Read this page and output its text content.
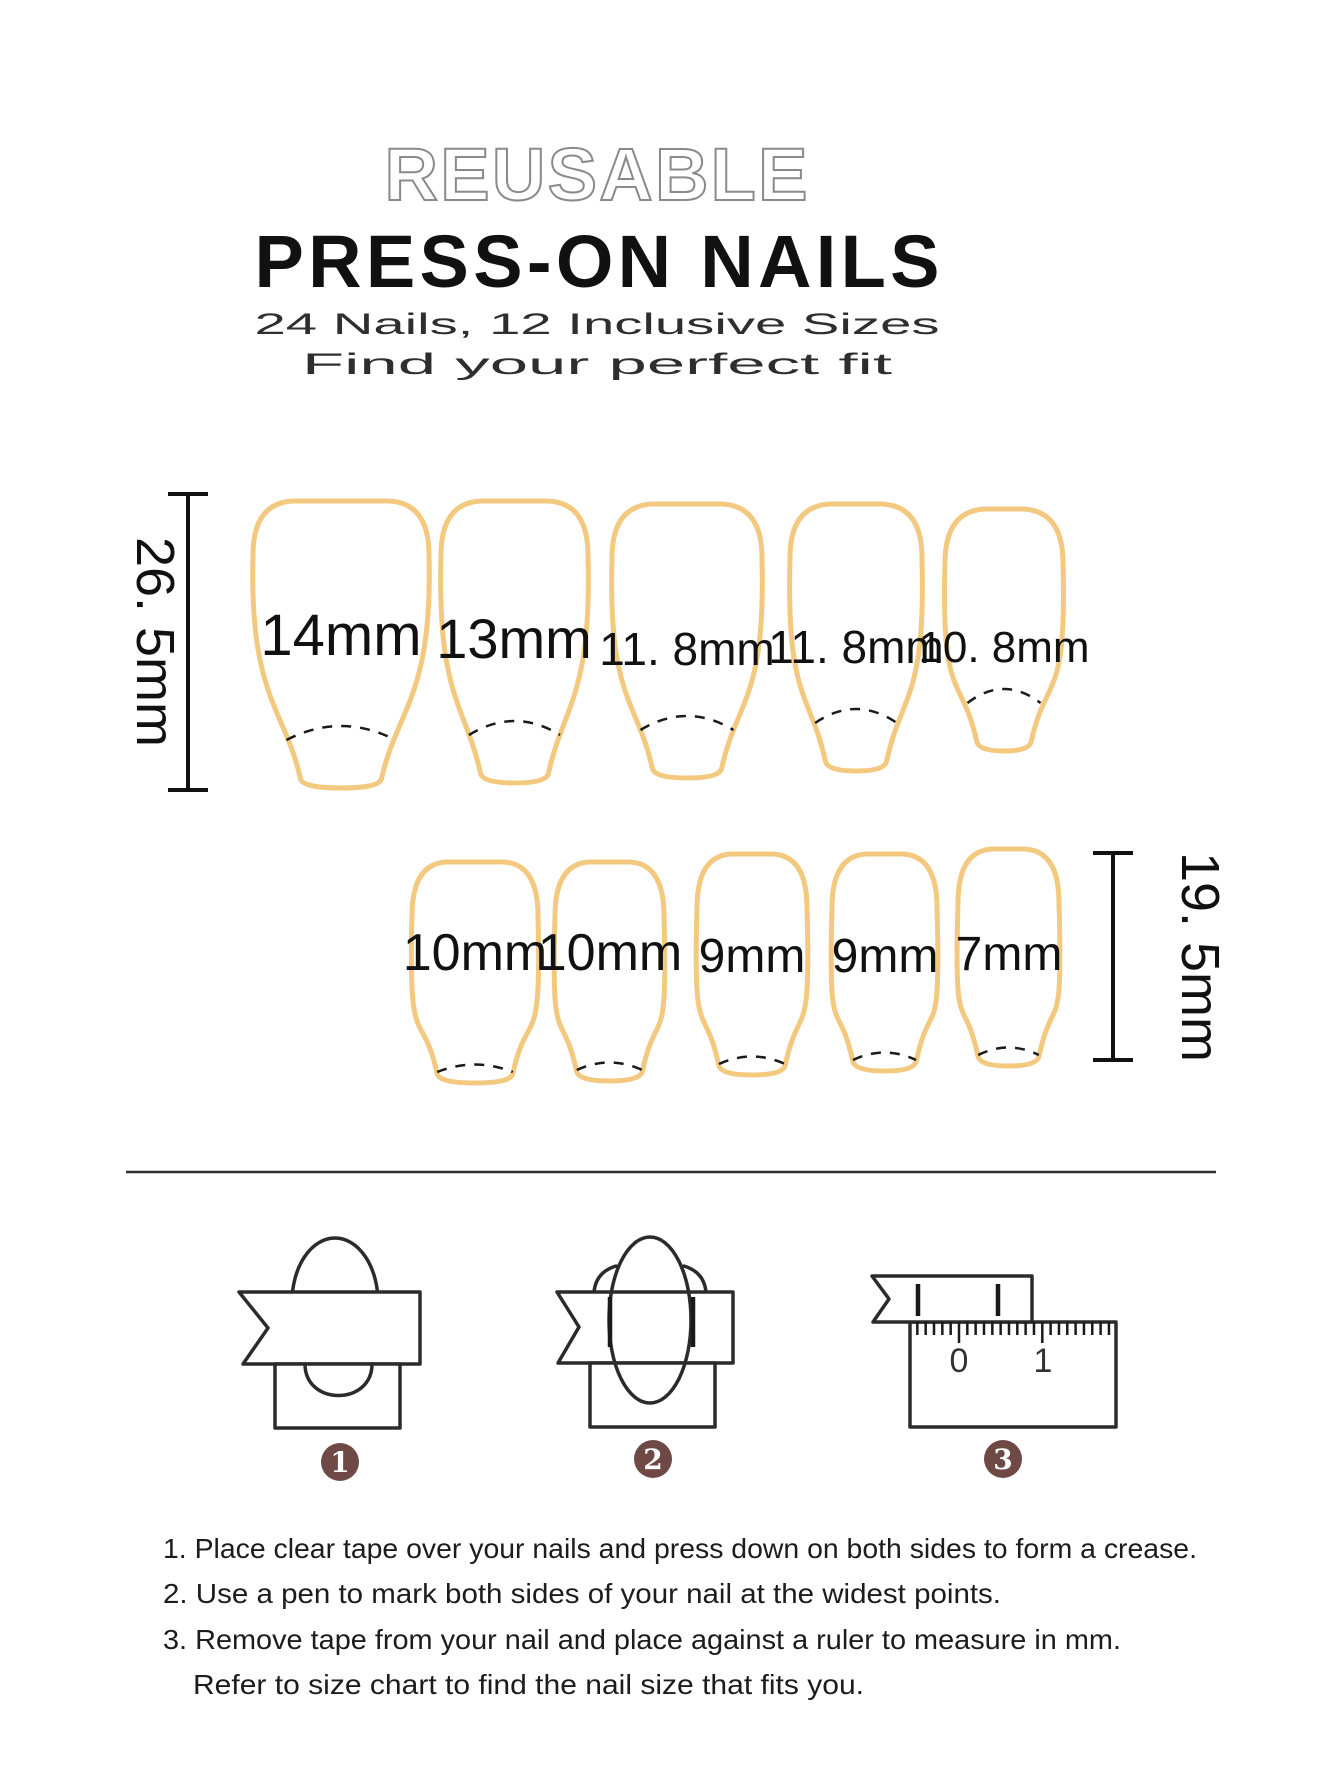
REUSABLE
PRESS-ON NAILS
24 Nails, 12 Inclusive Sizes
Find your perfect fit
26. 5mm
19. 5mm
14mm 13mm 11. 8mm
11. 8mm
10. 8mm
10mm
10mm 9mm 9mm 7mm
0 1
1	2	3
1. Place clear tape over your nails and press down on both sides to form a crease.
2. Use a pen to mark both sides of your nail at the widest points.
3. Remove tape from your nail and place against a ruler to measure in mm.
Refer to size chart to find the nail size that fits you.
